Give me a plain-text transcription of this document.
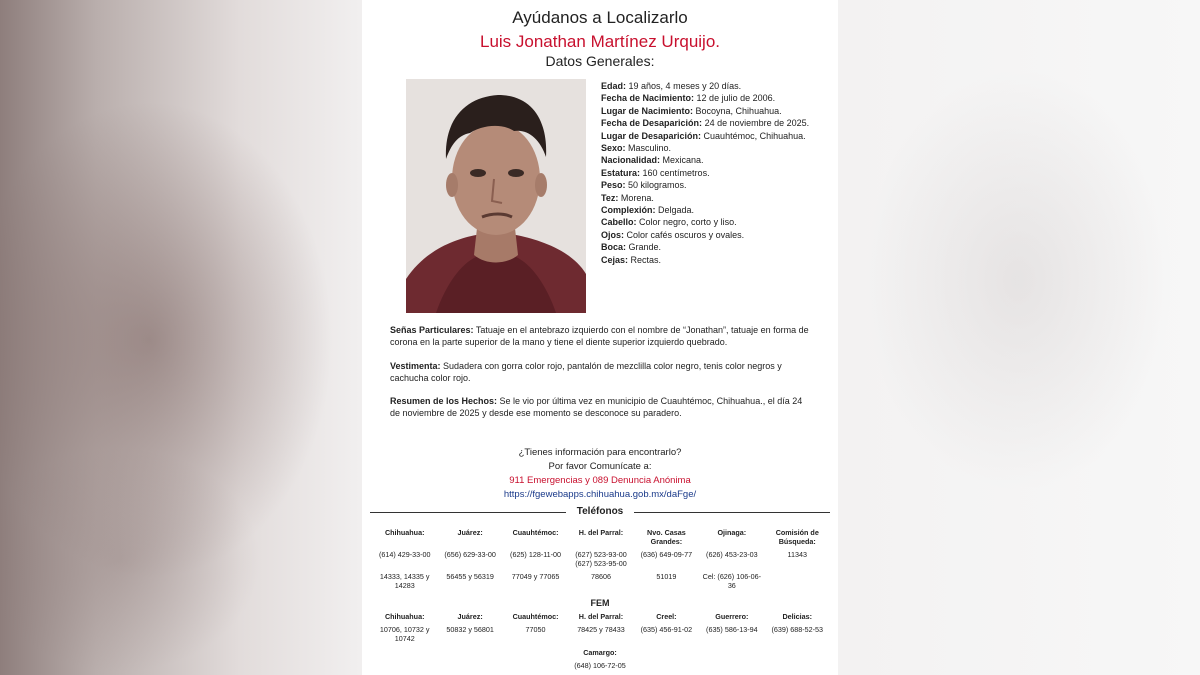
Ayúdanos a Localizarlo
Luis Jonathan Martínez Urquijo.
Datos Generales:

Edad: 19 años, 4 meses y 20 días.

Fecha de Nacimiento: 12 de julio de 2006.

Lugar de Nacimiento: Bocoyna, Chihuahua.

Fecha de Desaparición: 24 de noviembre de 2025.

Lugar de Desaparición: Cuauhtémoc, Chihuahua.

Sexo: Masculino.

Nacionalidad: Mexicana.

Estatura: 160 centímetros.

Peso: 50 kilogramos.

Tez: Morena.

Complexión: Delgada.

Cabello: Color negro, corto y liso.

Ojos: Color cafés oscuros y ovales.

Boca: Grande.

Cejas: Rectas.

Señas Particulares: Tatuaje en el antebrazo izquierdo con el nombre de “Jonathan”, tatuaje en forma de corona en la parte superior de la mano y tiene el diente superior izquierdo quebrado.
Vestimenta: Sudadera con gorra color rojo, pantalón de mezclilla color negro, tenis color negros y cachucha color rojo.
Resumen de los Hechos: Se le vio por última vez en municipio de Cuauhtémoc, Chihuahua., el día 24 de noviembre de 2025 y desde ese momento se desconoce su paradero.
¿Tienes información para encontrarlo?
Por favor Comunícate a:
911 Emergencias y 089 Denuncia Anónima
https://fgewebapps.chihuahua.gob.mx/daFge/
Teléfonos
Chihuahua:	Juárez:	Cuauhtémoc:	H. del Parral:	Nvo. Casas Grandes:	Ojinaga:	Comisión de Búsqueda:
(614) 429-33-00	(656) 629-33-00	(625) 128-11-00	(627) 523-93-00 (627) 523-95-00	(636) 649-09-77	(626) 453-23-03	11343
14333, 14335 y 14283	56455 y 56319	77049 y 77065	78606	51019	Cel: (626) 106-06-36	
FEM
Chihuahua:	Juárez:	Cuauhtémoc:	H. del Parral:	Creel:	Guerrero:	Delicias:
10706, 10732 y 10742	50832 y 56801	77050	78425 y 78433	(635) 456-91-02	(635) 586-13-94	(639) 688-52-53
Camargo:
(648) 106-72-05
